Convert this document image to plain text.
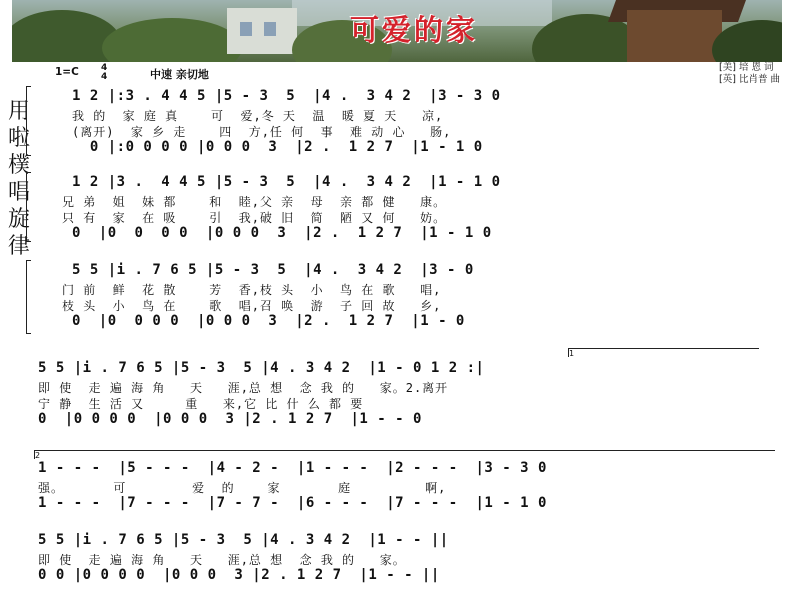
可爱的家
用
啦
樸
唱
旋
律
1=C 4
4	中速 亲切地
[美] 培 恩 词
[英] 比肖普 曲
1 2 |:3 . 4 4 5 |5 - 3  5  |4 .  3 4 2  |3 - 3 0
我 的  家 庭 真    可  爱,冬 天  温  暖 夏 天   凉,
(离开)  家 乡 走    四  方,任 何  事  难 动 心   肠,
0 |:0 0 0 0 |0 0 0  3  |2 .  1 2 7  |1 - 1 0
1 2 |3 .  4 4 5 |5 - 3  5  |4 .  3 4 2  |1 - 1 0
兄 弟  姐  妹 都    和  睦,父 亲  母  亲 都 健   康。
只 有  家  在 吸    引  我,破 旧  简  陋 又 何   妨。
0  |0  0  0 0  |0 0 0  3  |2 .  1 2 7  |1 - 1 0
5 5 |i . 7 6 5 |5 - 3  5  |4 .  3 4 2  |3 - 0
门 前  鲜  花 散    芳  香,枝 头  小  鸟 在 歌   唱,
枝 头  小  鸟 在    歌  唱,召 唤  游  子 回 故   乡,
0  |0  0 0 0  |0 0 0  3  |2 .  1 2 7  |1 - 0
5 5 |i . 7 6 5 |5 - 3  5 |4 . 3 4 2  |1 - 0 1 2 :|
即 使  走 遍 海 角   天   涯,总 想  念 我 的   家。2.离开
宁 静  生 活 又     重   来,它 比 什 么 都 要
0  |0 0 0 0  |0 0 0  3 |2 . 1 2 7  |1 - - 0
1 - - -  |5 - - -  |4 - 2 -  |1 - - -  |2 - - -  |3 - 3 0
强。      可        爱  的    家       庭         啊,
1 - - -  |7 - - -  |7 - 7 -  |6 - - -  |7 - - -  |1 - 1 0
5 5 |i . 7 6 5 |5 - 3  5 |4 . 3 4 2  |1 - - ||
即 使  走 遍 海 角   天   涯,总 想  念 我 的   家。
0 0 |0 0 0 0  |0 0 0  3 |2 . 1 2 7  |1 - - ||
1
2
